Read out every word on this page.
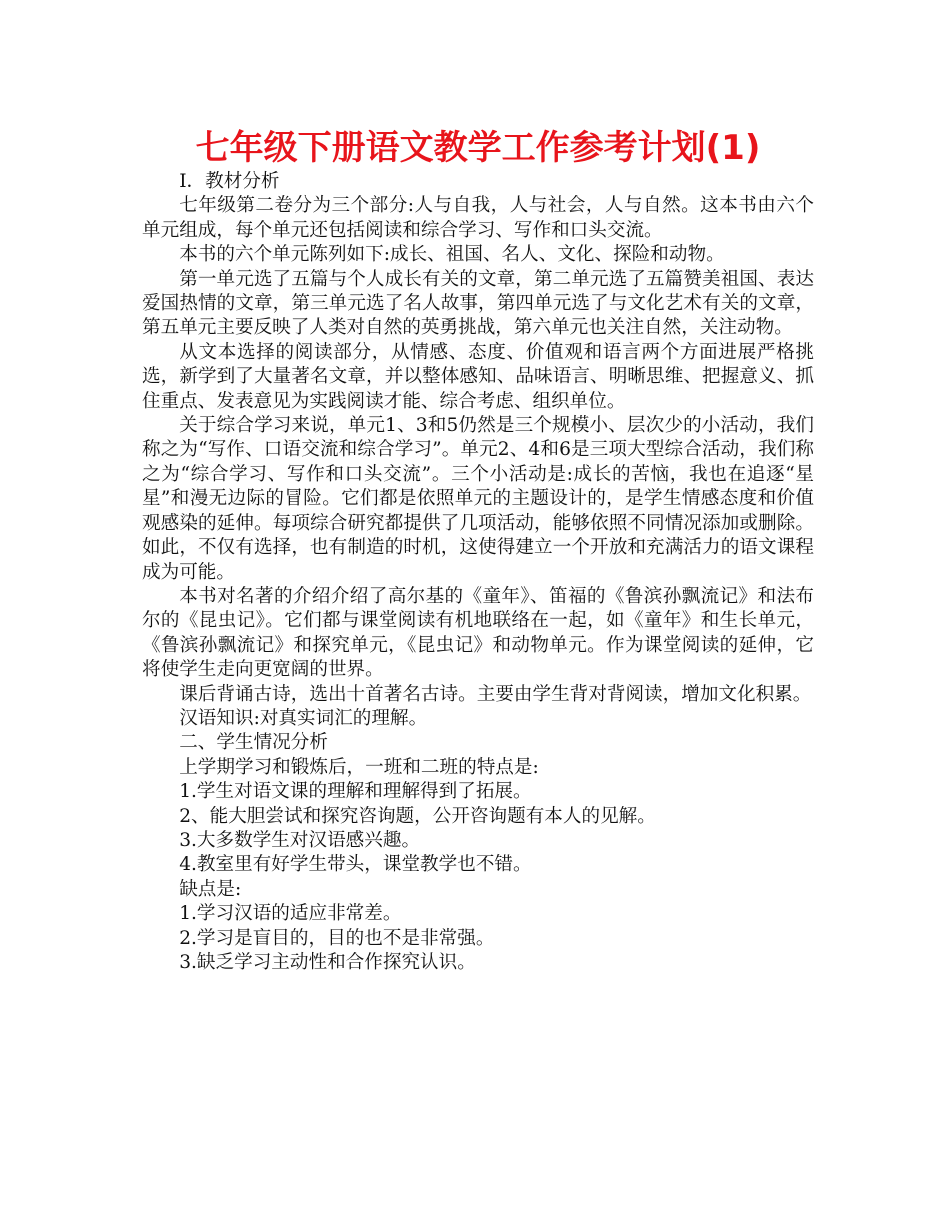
七年级下册语文教学工作参考计划(1)

Ⅰ．教材分析

七年级第二卷分为三个部分:人与自我，人与社会，人与自然。这本书由六个单元组成，每个单元还包括阅读和综合学习、写作和口头交流。

本书的六个单元陈列如下:成长、祖国、名人、文化、探险和动物。

第一单元选了五篇与个人成长有关的文章，第二单元选了五篇赞美祖国、表达爱国热情的文章，第三单元选了名人故事，第四单元选了与文化艺术有关的文章，第五单元主要反映了人类对自然的英勇挑战，第六单元也关注自然，关注动物。

从文本选择的阅读部分，从情感、态度、价值观和语言两个方面进展严格挑选，新学到了大量著名文章，并以整体感知、品味语言、明晰思维、把握意义、抓住重点、发表意见为实践阅读才能、综合考虑、组织单位。

关于综合学习来说，单元1、3和5仍然是三个规模小、层次少的小活动，我们称之为“写作、口语交流和综合学习”。单元2、4和6是三项大型综合活动，我们称之为“综合学习、写作和口头交流”。三个小活动是:成长的苦恼，我也在追逐“星星”和漫无边际的冒险。它们都是依照单元的主题设计的，是学生情感态度和价值观感染的延伸。每项综合研究都提供了几项活动，能够依照不同情况添加或删除。如此，不仅有选择，也有制造的时机，这使得建立一个开放和充满活力的语文课程成为可能。

本书对名著的介绍介绍了高尔基的《童年》、笛福的《鲁滨孙飘流记》和法布尔的《昆虫记》。它们都与课堂阅读有机地联络在一起，如《童年》和生长单元，《鲁滨孙飘流记》和探究单元，《昆虫记》和动物单元。作为课堂阅读的延伸，它将使学生走向更宽阔的世界。

课后背诵古诗，选出十首著名古诗。主要由学生背对背阅读，增加文化积累。

汉语知识:对真实词汇的理解。

二、学生情况分析

上学期学习和锻炼后，一班和二班的特点是:

1.学生对语文课的理解和理解得到了拓展。

2、能大胆尝试和探究咨询题，公开咨询题有本人的见解。

3.大多数学生对汉语感兴趣。

4.教室里有好学生带头，课堂教学也不错。

缺点是:

1.学习汉语的适应非常差。

2.学习是盲目的，目的也不是非常强。

3.缺乏学习主动性和合作探究认识。
